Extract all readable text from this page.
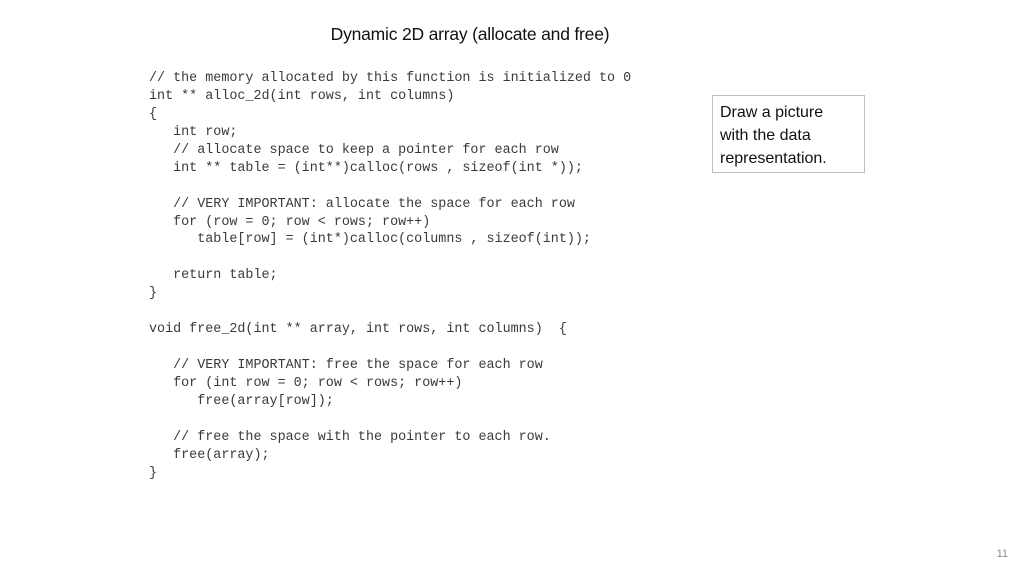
Dynamic 2D array (allocate and free)
// the memory allocated by this function is initialized to 0
int ** alloc_2d(int rows, int columns)
{
int row;
// allocate space to keep a pointer for each row
int ** table = (int**)calloc(rows , sizeof(int *));
// VERY IMPORTANT: allocate the space for each row
for (row = 0; row < rows; row++)
table[row] = (int*)calloc(columns , sizeof(int));
return table;
}
void free_2d(int ** array, int rows, int columns)  {
// VERY IMPORTANT: free the space for each row
for (int row = 0; row < rows; row++)
free(array[row]);
// free the space with the pointer to each row.
free(array);
}
Draw a picture
with the data
representation.
11
